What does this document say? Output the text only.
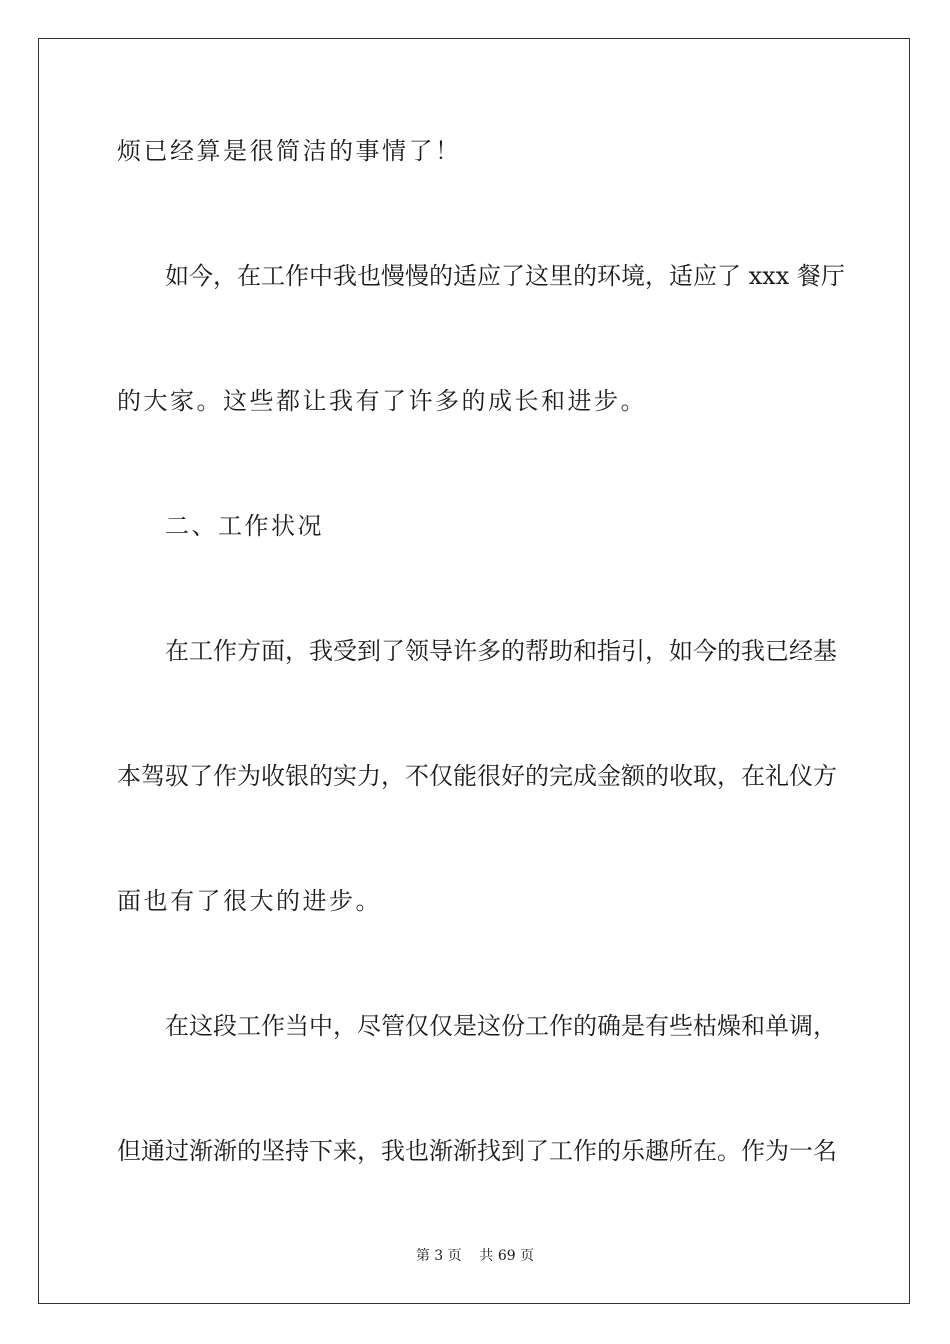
烦已经算是很简洁的事情了！
如今，在工作中我也慢慢的适应了这里的环境，适应了 xxx 餐厅
的大家。这些都让我有了许多的成长和进步。
二、工作状况
在工作方面，我受到了领导许多的帮助和指引，如今的我已经基
本驾驭了作为收银的实力，不仅能很好的完成金额的收取，在礼仪方
面也有了很大的进步。
在这段工作当中，尽管仅仅是这份工作的确是有些枯燥和单调，
但通过渐渐的坚持下来，我也渐渐找到了工作的乐趣所在。作为一名
第 3 页    共 69 页
